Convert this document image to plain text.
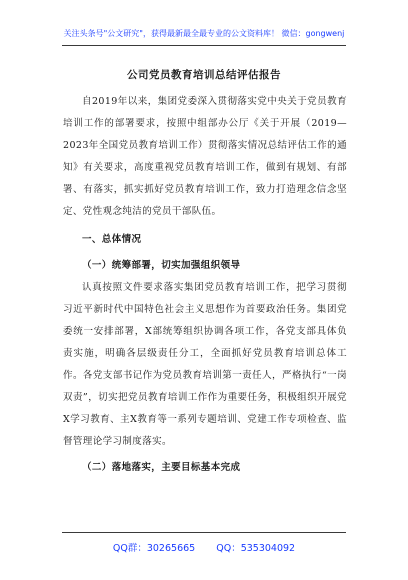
关注头条号"公文研究"，获得最新最全最专业的公文资料库！ 微信：gongwenj
公司党员教育培训总结评估报告

自2019年以来，集团党委深入贯彻落实党中央关于党员教育培训工作的部署要求，按照中组部办公厅《关于开展（2019—2023年全国党员教育培训工作）贯彻落实情况总结评估工作的通知》有关要求，高度重视党员教育培训工作，做到有规划、有部署、有落实，抓实抓好党员教育培训工作，致力打造理念信念坚定、党性观念纯洁的党员干部队伍。

一、总体情况

（一）统筹部署，切实加强组织领导

认真按照文件要求落实集团党员教育培训工作，把学习贯彻习近平新时代中国特色社会主义思想作为首要政治任务。集团党委统一安排部署，X部统筹组织协调各项工作，各党支部具体负责实施，明确各层级责任分工，全面抓好党员教育培训总体工作。各党支部书记作为党员教育培训第一责任人，严格执行“一岗双责”，切实把党员教育培训工作作为重要任务，积极组织开展党X学习教育、主X教育等一系列专题培训、党建工作专项检查、监督管理论学习制度落实。

（二）落地落实，主要目标基本完成

QQ群：30265665 QQ：535304092
